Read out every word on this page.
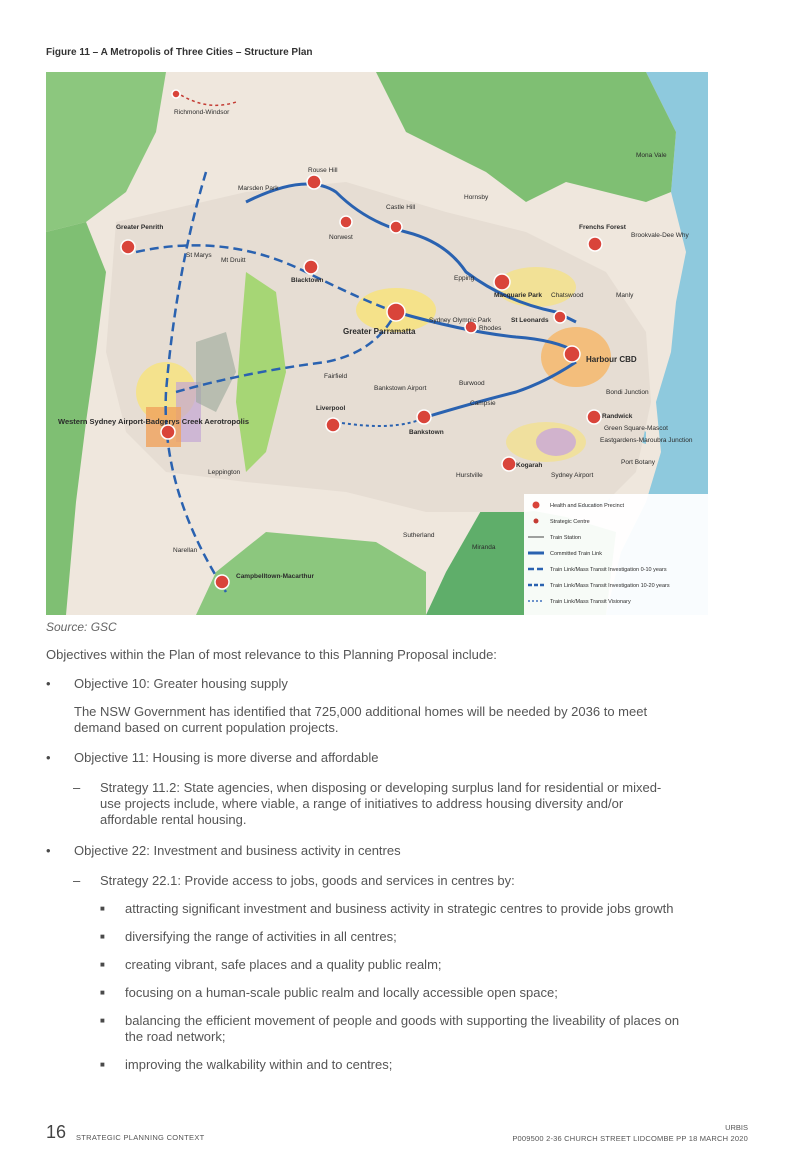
Figure 11 – A Metropolis of Three Cities – Structure Plan
Richmond-Windsor
Rouse Hill
Marsden Park
Castle Hill
Norwest
Hornsby
Mona Vale
Frenchs Forest
Brookvale-Dee Why
Greater Penrith
St Marys
Mt Druitt
Blacktown	Epping
Macquarie Park Chatswood	Manly
St Leonards
Greater Parramatta
Sydney Olympic Park
Rhodes
Harbour CBD
Fairfield
Burwood
Bondi Junction
Western Sydney Airport-Badgerys Creek Aerotropolis
Liverpool
Bankstown Airport
Bankstown
Campsie
Randwick
Green Square-Mascot
Eastgardens-Maroubra Junction
Leppington
Kogarah
Hurstville
Port Botany
Sydney Airport
Sutherland
Miranda
Narellan
Campbelltown-Macarthur
Health and Education Precinct
Strategic Centre
Train Station
Committed Train Link
Train Link/Mass Transit Investigation 0-10 years
Train Link/Mass Transit Investigation 10-20 years
Train Link/Mass Transit Visionary
Source: GSC
Objectives within the Plan of most relevance to this Planning Proposal include:
• Objective 10: Greater housing supply
The NSW Government has identified that 725,000 additional homes will be needed by 2036 to meet
demand based on current population projects.
• Objective 11: Housing is more diverse and affordable
– Strategy 11.2: State agencies, when disposing or developing surplus land for residential or mixed-
use projects include, where viable, a range of initiatives to address housing diversity and/or
affordable rental housing.
• Objective 22: Investment and business activity in centres
– Strategy 22.1: Provide access to jobs, goods and services in centres by:
■ attracting significant investment and business activity in strategic centres to provide jobs growth
■ diversifying the range of activities in all centres;
■ creating vibrant, safe places and a quality public realm;
■ focusing on a human-scale public realm and locally accessible open space;
■ balancing the efficient movement of people and goods with supporting the liveability of places on
the road network;
■ improving the walkability within and to centres;
16 STRATEGIC PLANNING CONTEXT
URBIS
P009500 2-36 CHURCH STREET LIDCOMBE PP 18 MARCH 2020
